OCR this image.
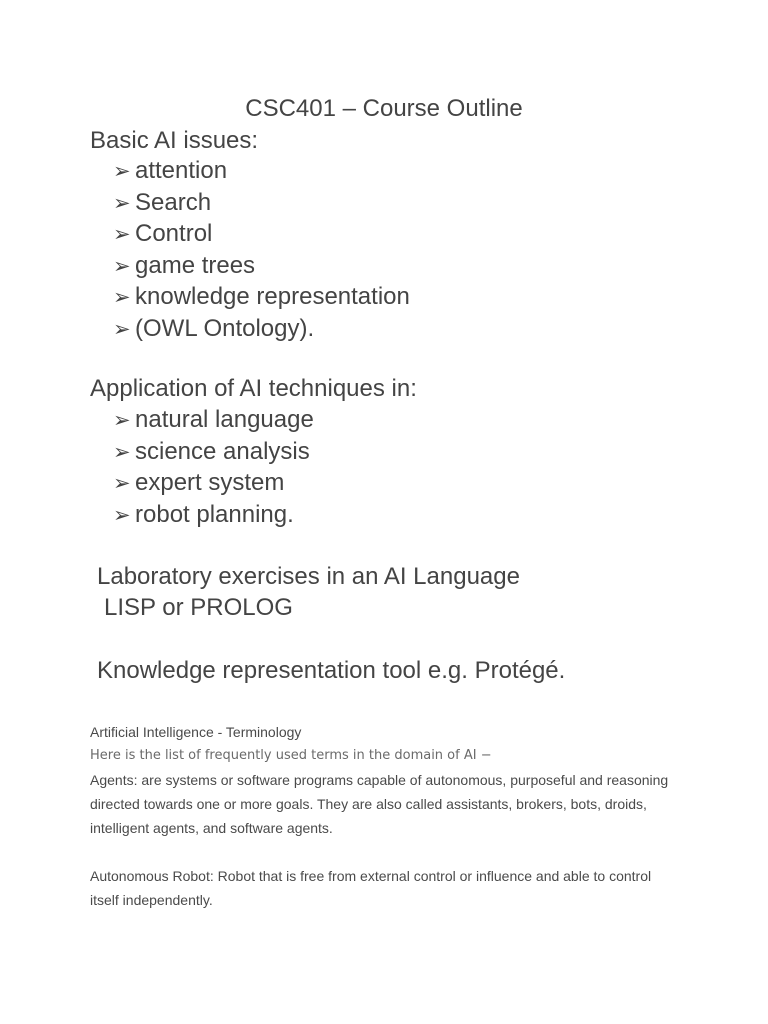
CSC401 – Course Outline
Basic AI issues:
➢ attention
➢ Search
➢ Control
➢ game trees
➢ knowledge representation
➢ (OWL Ontology).
Application of AI techniques in:
➢ natural language
➢ science analysis
➢ expert system
➢ robot planning.
Laboratory exercises in an AI Language
LISP or PROLOG
Knowledge representation tool e.g. Protégé.

Artificial Intelligence - Terminology

Here is the list of frequently used terms in the domain of AI −

Agents: are systems or software programs capable of autonomous, purposeful and reasoning directed towards one or more goals. They are also called assistants, brokers, bots, droids, intelligent agents, and software agents.

Autonomous Robot: Robot that is free from external control or influence and able to control itself independently.
